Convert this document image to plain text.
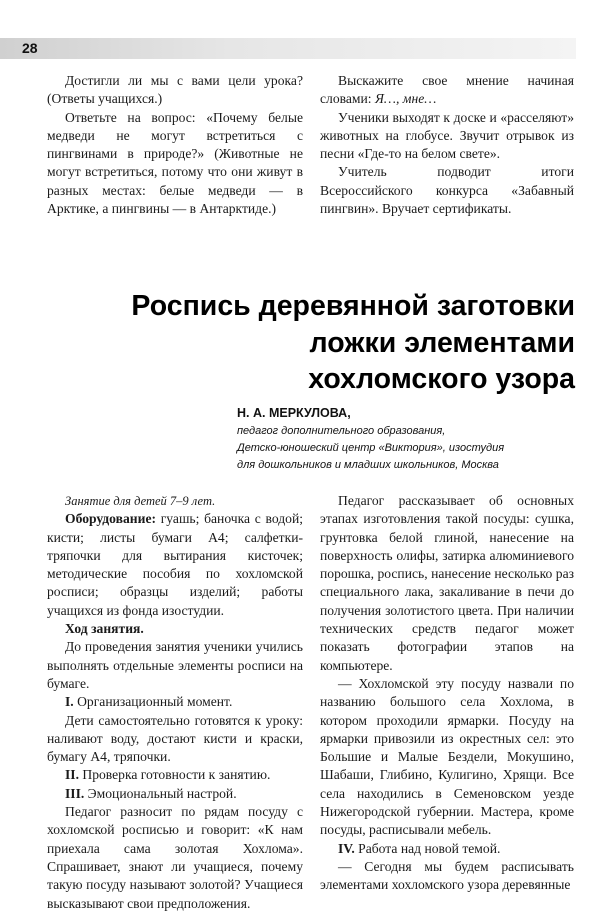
28

Достигли ли мы с вами цели урока? (Ответы учащихся.)

Ответьте на вопрос: «Почему белые медведи не могут встретиться с пингвинами в природе?» (Животные не могут встретиться, потому что они живут в разных местах: белые медведи — в Арктике, а пингвины — в Антарктиде.)

Выскажите свое мнение начиная словами: Я…, мне…

Ученики выходят к доске и «расселяют» животных на глобусе. Звучит отрывок из песни «Где-то на белом свете».

Учитель подводит итоги Всероссийского конкурса «Забавный пингвин». Вручает сертификаты.

Роспись деревянной заготовки
ложки элементами
хохломского узора
Н. А. МЕРКУЛОВА,
педагог дополнительного образования,
Детско-юношеский центр «Виктория», изостудия
для дошкольников и младших школьников, Москва

Занятие для детей 7–9 лет.

Оборудование: гуашь; баночка с водой; кисти; листы бумаги А4; салфетки-тряпочки для вытирания кисточек; методические пособия по хохломской росписи; образцы изделий; работы учащихся из фонда изостудии.

Ход занятия.

До проведения занятия ученики учились выполнять отдельные элементы росписи на бумаге.

I. Организационный момент.

Дети самостоятельно готовятся к уроку: наливают воду, достают кисти и краски, бумагу А4, тряпочки.

II. Проверка готовности к занятию.

III. Эмоциональный настрой.

Педагог разносит по рядам посуду с хохломской росписью и говорит: «К нам приехала сама золотая Хохлома». Спрашивает, знают ли учащиеся, почему такую посуду называют золотой? Учащиеся высказывают свои предположения.

Педагог рассказывает об основных этапах изготовления такой посуды: сушка, грунтовка белой глиной, нанесение на поверхность олифы, затирка алюминиевого порошка, роспись, нанесение несколько раз специального лака, закаливание в печи до получения золотистого цвета. При наличии технических средств педагог может показать фотографии этапов на компьютере.

— Хохломской эту посуду назвали по названию большого села Хохлома, в котором проходили ярмарки. Посуду на ярмарки привозили из окрестных сел: это Большие и Малые Бездели, Мокушино, Шабаши, Глибино, Кулигино, Хрящи. Все села находились в Семеновском уезде Нижегородской губернии. Мастера, кроме посуды, расписывали мебель.

IV. Работа над новой темой.

— Сегодня мы будем расписывать элементами хохломского узора деревянные
